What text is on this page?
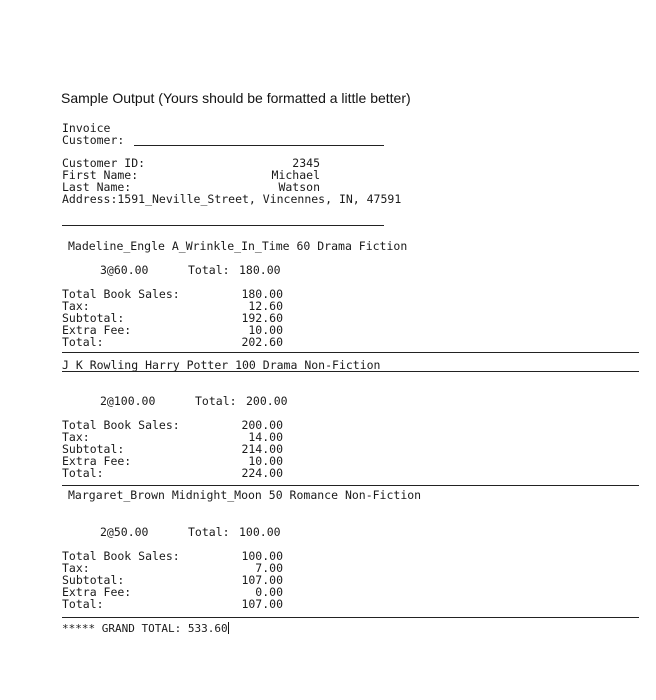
Sample Output (Yours should be formatted a little better)
Invoice
Customer:
Customer ID:	2345
First Name:	Michael
Last Name:	Watson
Address:1591_Neville_Street, Vincennes, IN, 47591
Madeline_Engle A_Wrinkle_In_Time 60 Drama Fiction
3@60.00	Total: 180.00
Total Book Sales:	180.00
Tax:	12.60
Subtotal:	192.60
Extra Fee:	10.00
Total:	202.60
J_K_Rowling Harry_Potter 100 Drama Non-Fiction
2@100.00	Total: 200.00
Total Book Sales:	200.00
Tax:	14.00
Subtotal:	214.00
Extra Fee:	10.00
Total:	224.00
Margaret_Brown Midnight_Moon 50 Romance Non-Fiction
2@50.00	Total: 100.00
Total Book Sales:	100.00
Tax:	7.00
Subtotal:	107.00
Extra Fee:	0.00
Total:	107.00
***** GRAND TOTAL: 533.60
